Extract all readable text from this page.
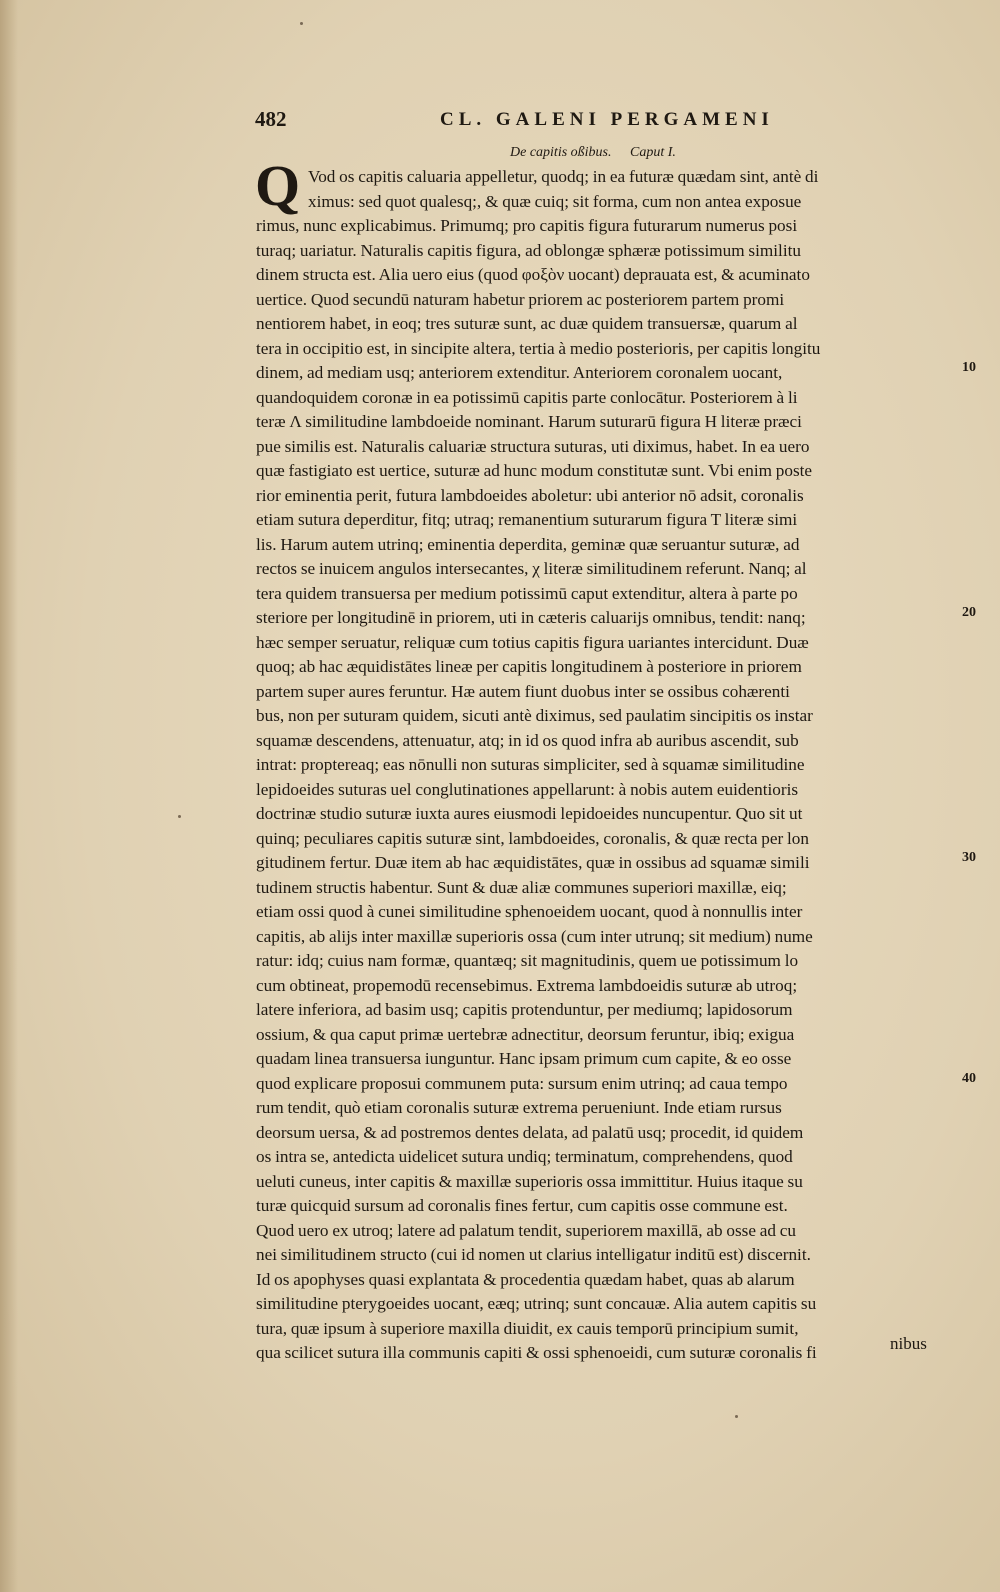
482	CL. GALENI PERGAMENI
De capitis oßibus. Caput I.
Q Vod os capitis caluaria appelletur, quodq; in ea futuræ quædam sint, antè di
ximus: sed quot qualesq;, & quæ cuiq; sit forma, cum non antea exposue
rimus, nunc explicabimus. Primumq; pro capitis figura futurarum numerus posi
turaq; uariatur. Naturalis capitis figura, ad oblongæ sphæræ potissimum similitu
dinem structa est. Alia uero eius (quod φοξὸν uocant) deprauata est, & acuminato
uertice. Quod secundū naturam habetur priorem ac posteriorem partem promi
nentiorem habet, in eoq; tres suturæ sunt, ac duæ quidem transuersæ, quarum al
tera in occipitio est, in sincipite altera, tertia à medio posterioris, per capitis longitu
dinem, ad mediam usq; anteriorem extenditur. Anteriorem coronalem uocant,
quandoquidem coronæ in ea potissimū capitis parte conlocātur. Posteriorem à li
teræ Λ similitudine lambdoeide nominant. Harum suturarū figura H literæ præci
pue similis est. Naturalis caluariæ structura suturas, uti diximus, habet. In ea uero
quæ fastigiato est uertice, suturæ ad hunc modum constitutæ sunt. Vbi enim poste
rior eminentia perit, futura lambdoeides aboletur: ubi anterior nō adsit, coronalis
etiam sutura deperditur, fitq; utraq; remanentium suturarum figura T literæ simi
lis. Harum autem utrinq; eminentia deperdita, geminæ quæ seruantur suturæ, ad
rectos se inuicem angulos intersecantes, χ literæ similitudinem referunt. Nanq; al
tera quidem transuersa per medium potissimū caput extenditur, altera à parte po
steriore per longitudinē in priorem, uti in cæteris caluarijs omnibus, tendit: nanq;
hæc semper seruatur, reliquæ cum totius capitis figura uariantes intercidunt. Duæ
quoq; ab hac æquidistātes lineæ per capitis longitudinem à posteriore in priorem
partem super aures feruntur. Hæ autem fiunt duobus inter se ossibus cohærenti
bus, non per suturam quidem, sicuti antè diximus, sed paulatim sincipitis os instar
squamæ descendens, attenuatur, atq; in id os quod infra ab auribus ascendit, sub
intrat: proptereaq; eas nōnulli non suturas simpliciter, sed à squamæ similitudine
lepidoeides suturas uel conglutinationes appellarunt: à nobis autem euidentioris
doctrinæ studio suturæ iuxta aures eiusmodi lepidoeides nuncupentur. Quo sit ut
quinq; peculiares capitis suturæ sint, lambdoeides, coronalis, & quæ recta per lon
gitudinem fertur. Duæ item ab hac æquidistātes, quæ in ossibus ad squamæ simili
tudinem structis habentur. Sunt & duæ aliæ communes superiori maxillæ, eiq;
etiam ossi quod à cunei similitudine sphenoeidem uocant, quod à nonnullis inter
capitis, ab alijs inter maxillæ superioris ossa (cum inter utrunq; sit medium) nume
ratur: idq; cuius nam formæ, quantæq; sit magnitudinis, quem ue potissimum lo
cum obtineat, propemodū recensebimus. Extrema lambdoeidis suturæ ab utroq;
latere inferiora, ad basim usq; capitis protenduntur, per mediumq; lapidosorum
ossium, & qua caput primæ uertebræ adnectitur, deorsum feruntur, ibiq; exigua
quadam linea transuersa iunguntur. Hanc ipsam primum cum capite, & eo osse
quod explicare proposui communem puta: sursum enim utrinq; ad caua tempo
rum tendit, quò etiam coronalis suturæ extrema perueniunt. Inde etiam rursus
deorsum uersa, & ad postremos dentes delata, ad palatū usq; procedit, id quidem
os intra se, antedicta uidelicet sutura undiq; terminatum, comprehendens, quod
ueluti cuneus, inter capitis & maxillæ superioris ossa immittitur. Huius itaque su
turæ quicquid sursum ad coronalis fines fertur, cum capitis osse commune est.
Quod uero ex utroq; latere ad palatum tendit, superiorem maxillā, ab osse ad cu
nei similitudinem structo (cui id nomen ut clarius intelligatur inditū est) discernit.
Id os apophyses quasi explantata & procedentia quædam habet, quas ab alarum
similitudine pterygoeides uocant, eæq; utrinq; sunt concauæ. Alia autem capitis su
tura, quæ ipsum à superiore maxilla diuidit, ex cauis temporū principium sumit,
qua scilicet sutura illa communis capiti & ossi sphenoeidi, cum suturæ coronalis fi
10
20
30
40
nibus
